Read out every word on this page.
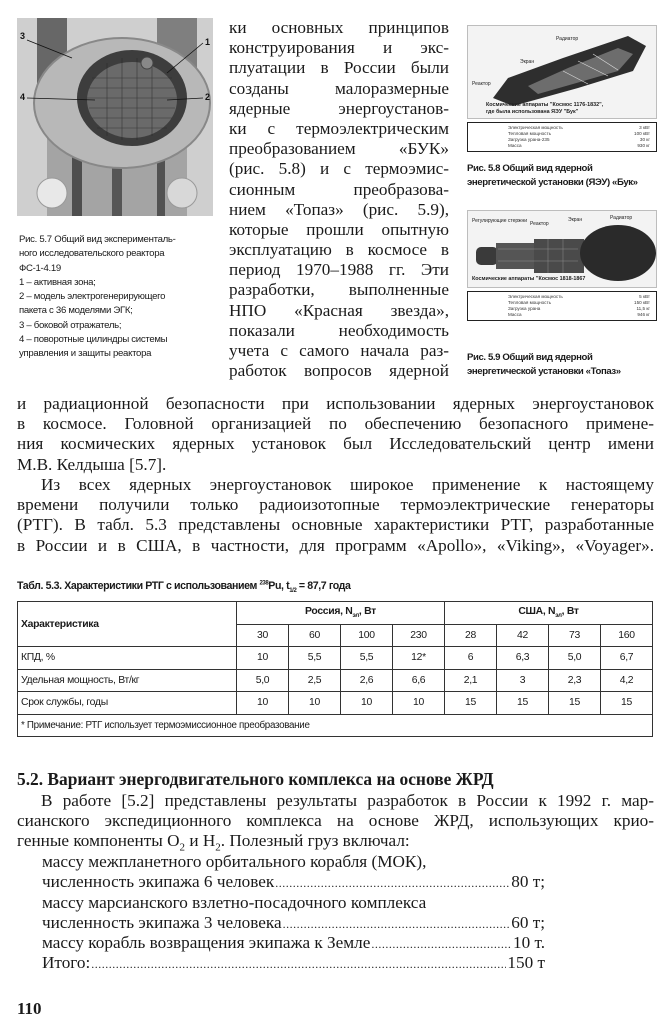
3
1
2
4
Рис. 5.7 Общий вид эксперименталь-
ного исследовательского реактора
ФС-1-4.19
1 – активная зона;
2 – модель электрогенерирующего
пакета с 36 моделями ЭГК;
3 – боковой отражатель;
4 – поворотные цилиндры системы
управления и защиты реактора
ки основных принципов
конструирования и экс-
плуатации в России были
созданы малоразмерные
ядерные энергоустанов-
ки с термоэлектрическим
преобразованием «БУК»
(рис. 5.8) и с термоэмис-
сионным преобразова-
нием «Топаз» (рис. 5.9),
которые прошли опытную
эксплуатацию в космосе в
период 1970–1988 гг. Эти
разработки, выполненные
НПО «Красная звезда»,
показали необходимость
учета с самого начала раз-
работок вопросов ядерной
Радиатор
Экран
Реактор
Космические аппараты "Космос 1176-1832",
где была использована ЯЭУ "Бук"
Электрическая мощность	3 кВт
Тепловая мощность	100 кВт
Загрузка урана-235	30 кг
Масса	930 кг
Рис. 5.8 Общий вид ядерной
энергетической установки (ЯЭУ) «Бук»
Регулирующие стержни Реактор
Экран	Радиатор
Космические аппараты "Космос 1818-1867
Электрическая мощность	5 кВт
Тепловая мощность	150 кВт
Загрузка урана	11,5 кг
Масса	946 кг
Рис. 5.9 Общий вид ядерной
энергетической установки «Топаз»
и радиационной безопасности при использовании ядерных энергоустановок
в космосе. Головной организацией по обеспечению безопасного примене-
ния космических ядерных установок был Исследовательский центр имени
М.В. Келдыша [5.7].
Из всех ядерных энергоустановок широкое применение к настоящему
времени получили только радиоизотопные термоэлектрические генераторы
(РТГ). В табл. 5.3 представлены основные характеристики РТГ, разработанные
в России и в США, в частности, для программ «Apollo», «Viking», «Voyager».
Табл. 5.3. Характеристики РТГ с использованием $^{238}$Pu, $t_{1/2} = 87,7$ года
Характеристика	Россия, $N_{эл}$, Вт				США, $N_{эл}$, Вт			
	30	60	100	230	28	42	73	160
КПД, %	10	5,5	5,5	12*	6	6,3	5,0	6,7
Удельная мощность, Вт/кг	5,0	2,5	2,6	6,6	2,1	3	2,3	4,2
Срок службы, годы	10	10	10	10	15	15	15	15
* Примечание: РТГ использует термоэмиссионное преобразование								
5.2. Вариант энергодвигательного комплекса на основе ЖРД
В работе [5.2] представлены результаты разработок в России к 1992 г. мар-
сианского экспедиционного комплекса на основе ЖРД, использующих крио-
генные компоненты $O_2$ и $H_2$. Полезный груз включал:
массу межпланетного орбитального корабля (МОК),
численность экипажа 6 человек .....	80 т;
массу марсианского взлетно-посадочного комплекса
численность экипажа 3 человека .....	60 т;
массу корабль возвращения экипажа к Земле .....	10 т.
Итого: .....	150 т
110
